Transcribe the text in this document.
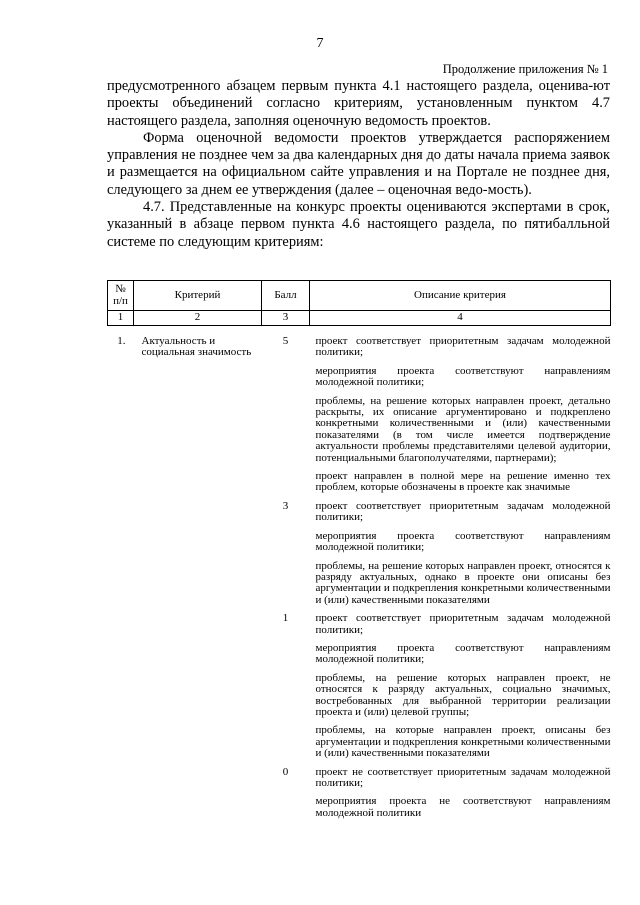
7
Продолжение приложения № 1

предусмотренного абзацем первым пункта 4.1 настоящего раздела, оценива-ют проекты объединений согласно критериям, установленным пунктом 4.7 настоящего раздела, заполняя оценочную ведомость проектов.

Форма оценочной ведомости проектов утверждается распоряжением управления не позднее чем за два календарных дня до даты начала приема заявок и размещается на официальном сайте управления и на Портале не позднее дня, следующего за днем ее утверждения (далее – оценочная ведо-мость).

4.7. Представленные на конкурс проекты оцениваются экспертами в срок, указанный в абзаце первом пункта 4.6 настоящего раздела, по пятибалльной системе по следующим критериям:

№ п/п	Критерий	Балл	Описание критерия
1	2	3	4
1.	Актуальность и социальная значимость	5	проект соответствует приоритетным задачам молодежной политики;
мероприятия проекта соответствуют направлениям молодежной политики;
проблемы, на решение которых направлен проект, детально раскрыты, их описание аргументировано и подкреплено конкретными количественными и (или) качественными показателями (в том числе имеется подтверждение актуальности проблемы представителями целевой аудитории, потенциальными благополучателями, партнерами);
проект направлен в полной мере на решение именно тех проблем, которые обозначены в проекте как значимые

		3	проект соответствует приоритетным задачам молодежной политики;
мероприятия проекта соответствуют направлениям молодежной политики;
проблемы, на решение которых направлен проект, относятся к разряду актуальных, однако в проекте они описаны без аргументации и подкрепления конкретными количественными и (или) качественными показателями

		1	проект соответствует приоритетным задачам молодежной политики;
мероприятия проекта соответствуют направлениям молодежной политики;
проблемы, на решение которых направлен проект, не относятся к разряду актуальных, социально значимых, востребованных для выбранной территории реализации проекта и (или) целевой группы;
проблемы, на которые направлен проект, описаны без аргументации и подкрепления конкретными количественными и (или) качественными показателями

		0	проект не соответствует приоритетным задачам молодежной политики;
мероприятия проекта не соответствуют направлениям молодежной политики
